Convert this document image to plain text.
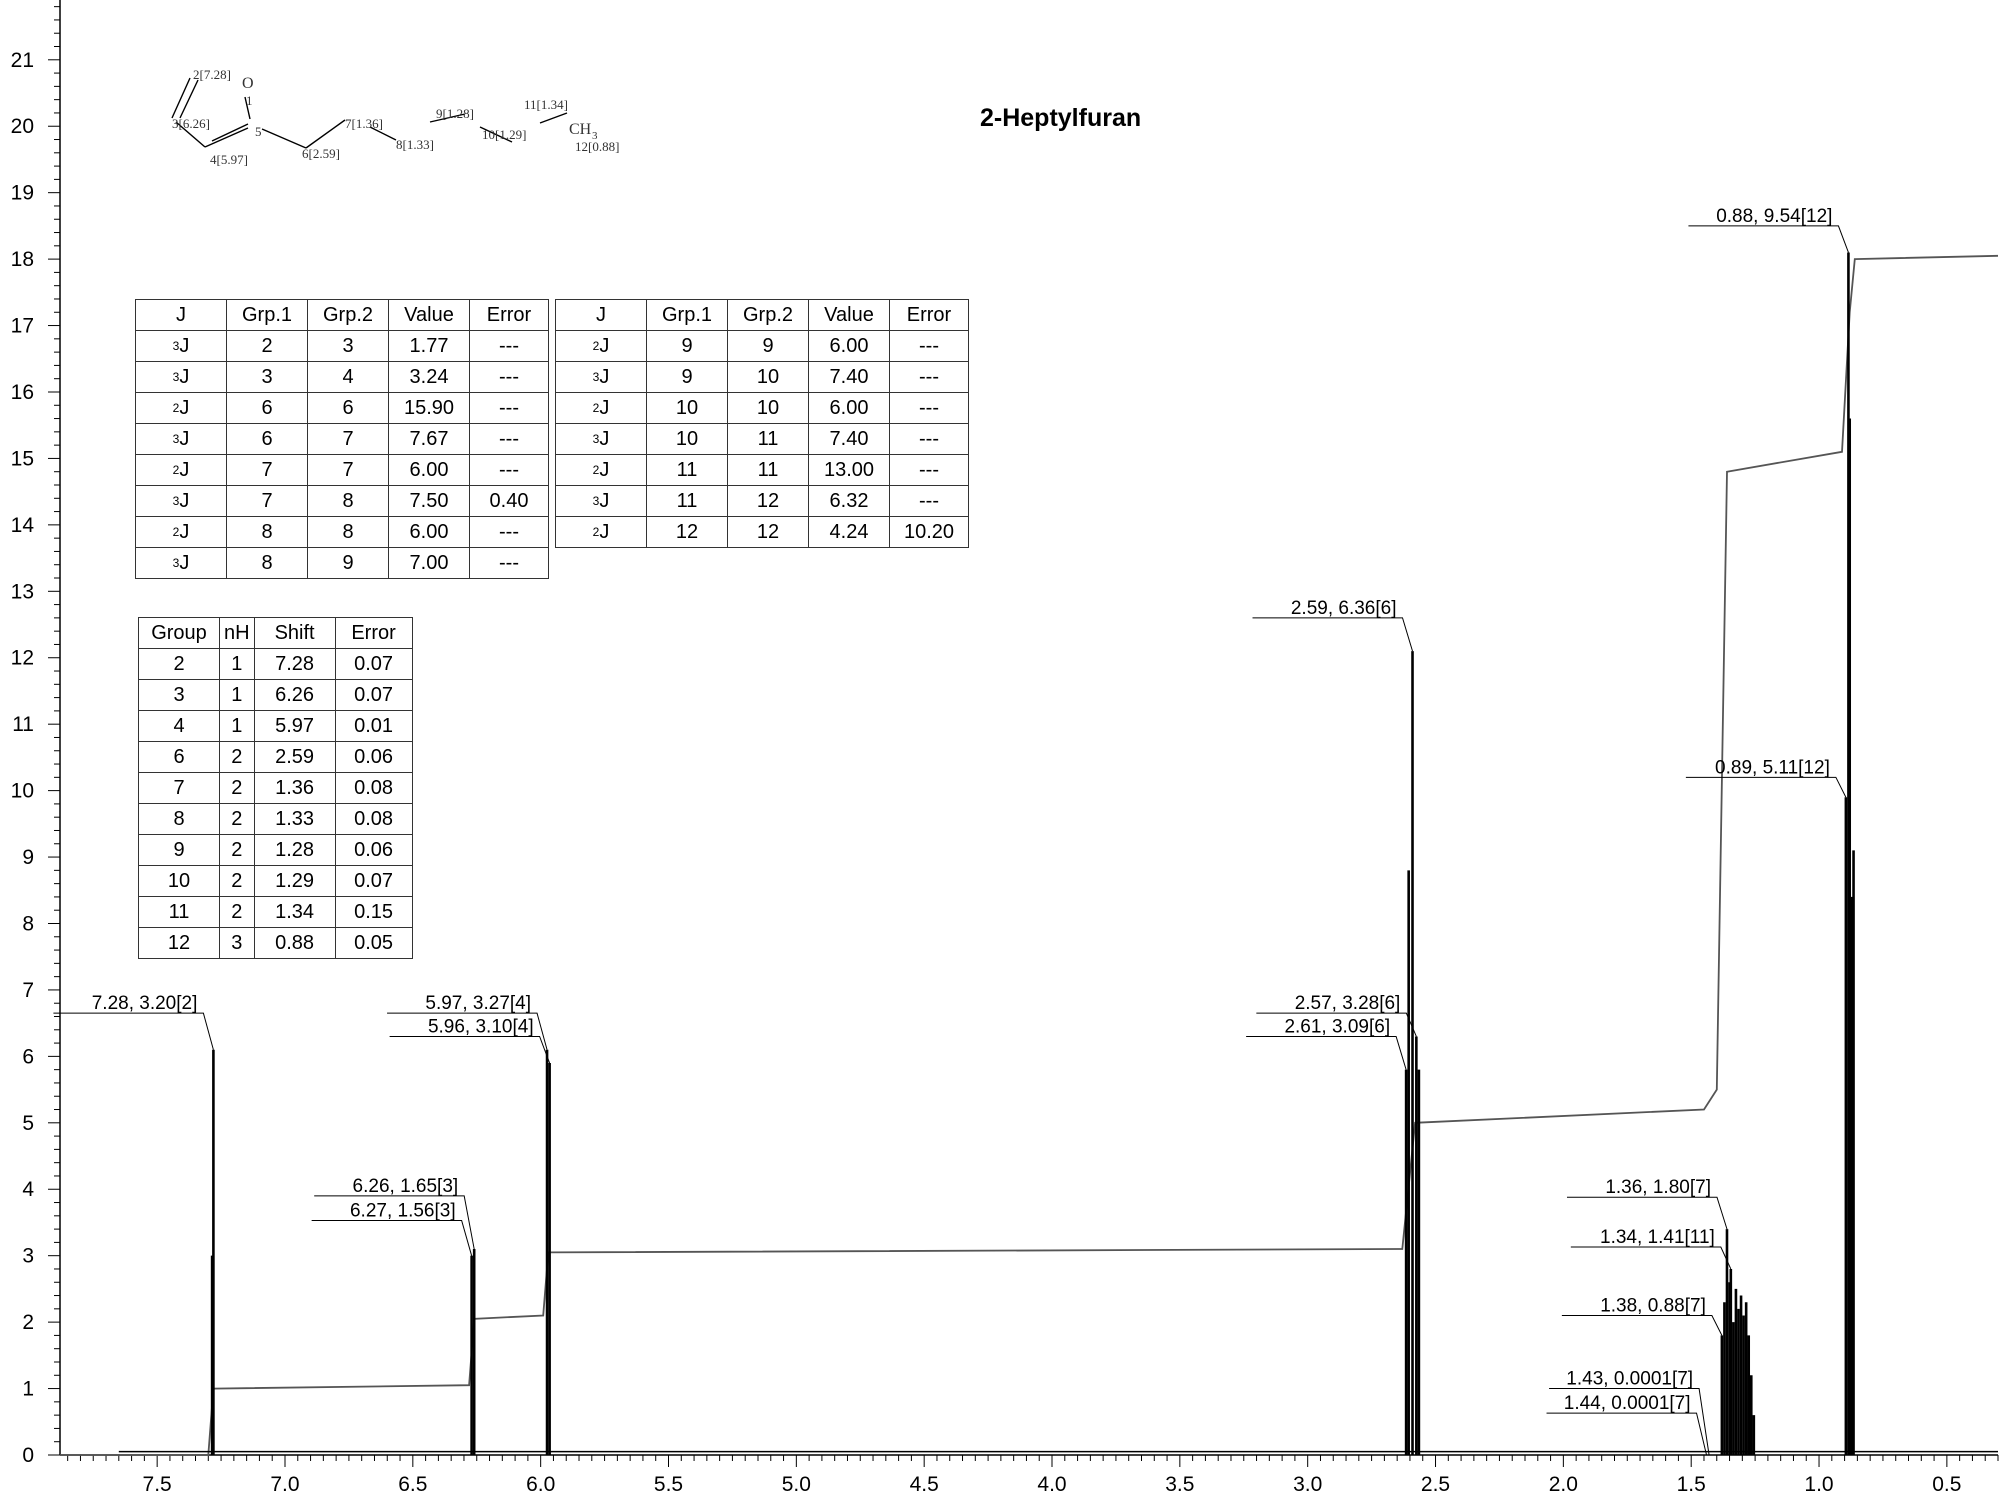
0
1
2
3
4
5
6
7
8
9
10
11
12
13
14
15
16
17
18
19
20
21
7.5	7.0	6.5	6.0	5.5	5.0	4.5	4.0	3.5	3.0	2.5	2.0	1.5	1.0	0.5
7.28, 3.20[2]	5.97, 3.27[4]
5.96, 3.10[4]
6.26, 1.65[3]
6.27, 1.56[3]
2.59, 6.36[6]
2.57, 3.28[6]
2.61, 3.09[6]
0.88, 9.54[12]
0.89, 5.11[12]
1.36, 1.80[7]
1.34, 1.41[11]
1.38, 0.88[7]
1.43, 0.0001[7]
1.44, 0.0001[7]
2-Heptylfuran
2[7.28]
O
1
3[6.26]
5
4[5.97]	6[2.59]
7[1.36]
8[1.33]
9[1.28]
10[1.29]
11[1.34]
CH 3
12[0.88]
J	Grp.1	Grp.2	Value	Error
$^3$J	2	3	1.77	---
$^3$J	3	4	3.24	---
$^2$J	6	6	15.90	---
$^3$J	6	7	7.67	---
$^2$J	7	7	6.00	---
$^3$J	7	8	7.50	0.40
$^2$J	8	8	6.00	---
$^3$J	8	9	7.00	---
J	Grp.1	Grp.2	Value	Error
$^2$J	9	9	6.00	---
$^3$J	9	10	7.40	---
$^2$J	10	10	6.00	---
$^3$J	10	11	7.40	---
$^2$J	11	11	13.00	---
$^3$J	11	12	6.32	---
$^2$J	12	12	4.24	10.20
Group	nH	Shift	Error
2	1	7.28	0.07
3	1	6.26	0.07
4	1	5.97	0.01
6	2	2.59	0.06
7	2	1.36	0.08
8	2	1.33	0.08
9	2	1.28	0.06
10	2	1.29	0.07
11	2	1.34	0.15
12	3	0.88	0.05
